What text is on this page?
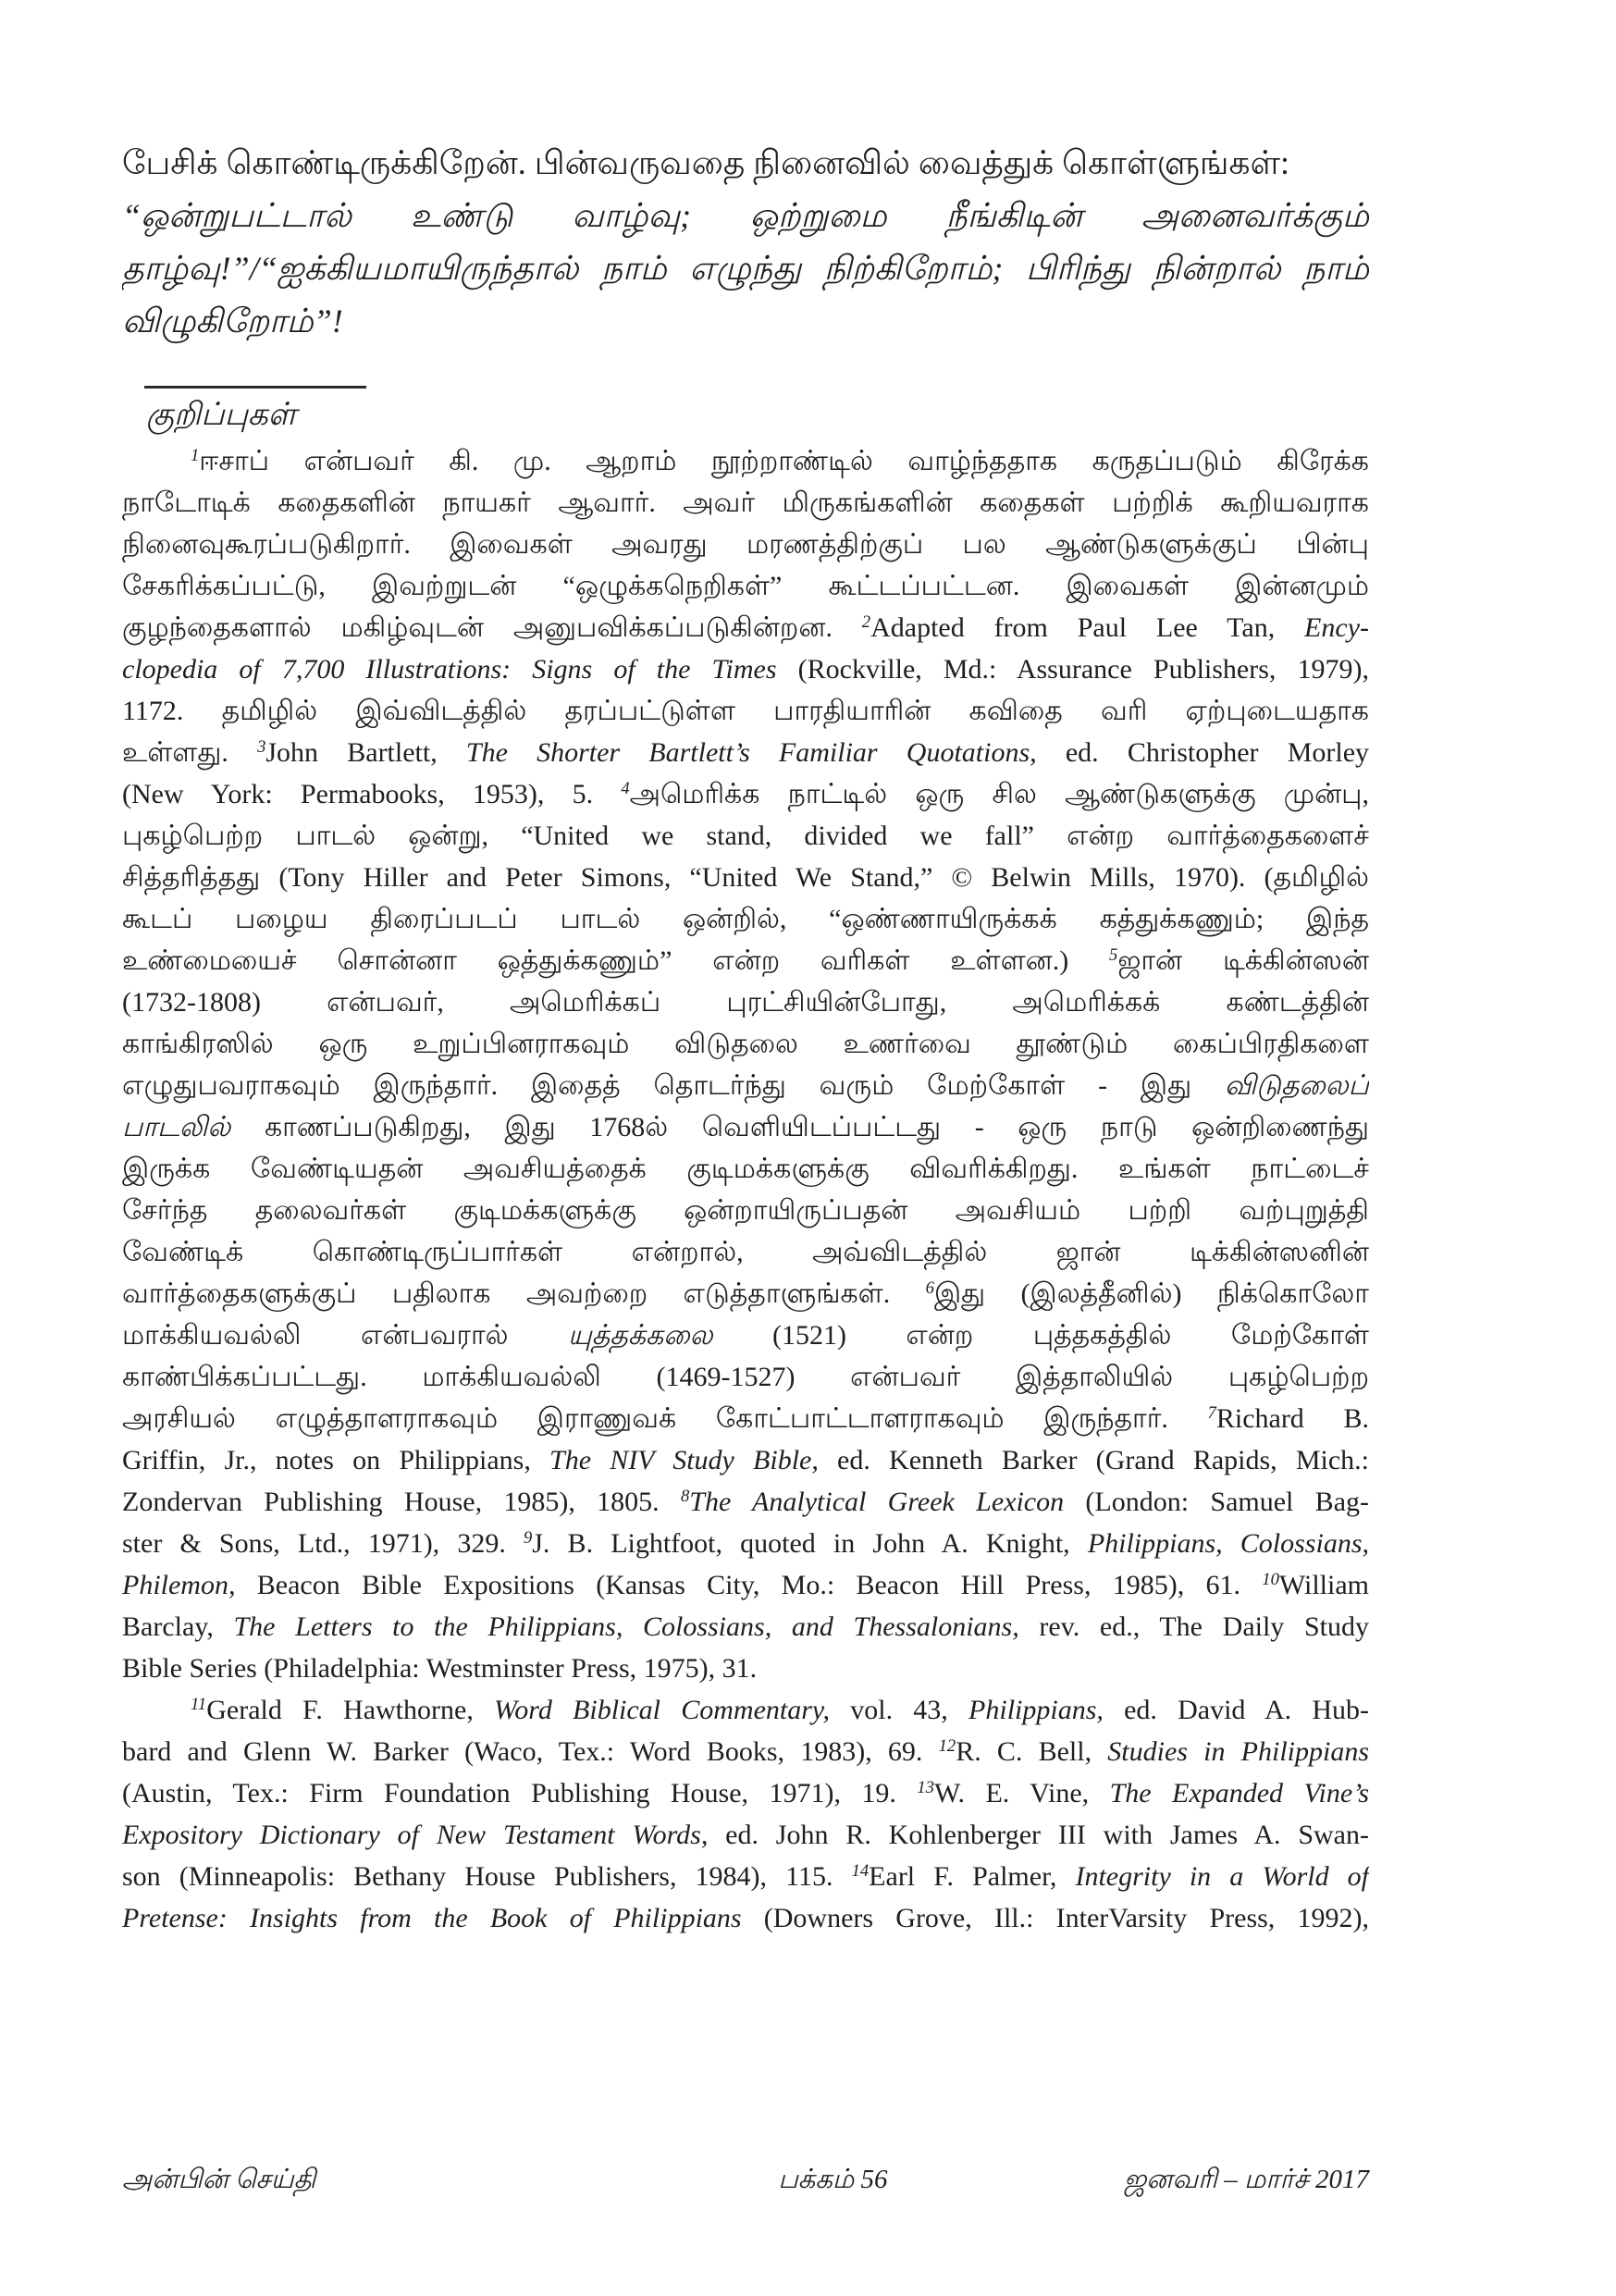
பேசிக் கொண்டிருக்கிறேன். பின்வருவதை நினைவில் வைத்துக் கொள்ளுங்கள்:
“ஒன்றுபட்டால் உண்டு வாழ்வு; ஒற்றுமை நீங்கிடின் அனைவர்க்கும்
தாழ்வு!”/“ஐக்கியமாயிருந்தால் நாம் எழுந்து நிற்கிறோம்; பிரிந்து நின்றால் நாம்
விழுகிறோம்”!
குறிப்புகள்
$^1$ஈசாப் என்பவர் கி. மு. ஆறாம் நூற்றாண்டில் வாழ்ந்ததாக கருதப்படும் கிரேக்க
நாடோடிக் கதைகளின் நாயகர் ஆவார். அவர் மிருகங்களின் கதைகள் பற்றிக் கூறியவராக
நினைவுகூரப்படுகிறார். இவைகள் அவரது மரணத்திற்குப் பல ஆண்டுகளுக்குப் பின்பு
சேகரிக்கப்பட்டு, இவற்றுடன் “ஒழுக்கநெறிகள்” கூட்டப்பட்டன. இவைகள் இன்னமும்
குழந்தைகளால் மகிழ்வுடன் அனுபவிக்கப்படுகின்றன. $^2$Adapted from Paul Lee Tan, Ency-
clopedia of 7,700 Illustrations: Signs of the Times (Rockville, Md.: Assurance Publishers, 1979),
1172. தமிழில் இவ்விடத்தில் தரப்பட்டுள்ள பாரதியாரின் கவிதை வரி ஏற்புடையதாக
உள்ளது. $^3$John Bartlett, The Shorter Bartlett’s Familiar Quotations, ed. Christopher Morley
(New York: Permabooks, 1953), 5. $^4$அமெரிக்க நாட்டில் ஒரு சில ஆண்டுகளுக்கு முன்பு,
புகழ்பெற்ற பாடல் ஒன்று, “United we stand, divided we fall” என்ற வார்த்தைகளைச்
சித்தரித்தது (Tony Hiller and Peter Simons, “United We Stand,” © Belwin Mills, 1970). (தமிழில்
கூடப் பழைய திரைப்படப் பாடல் ஒன்றில், “ஒண்ணாயிருக்கக் கத்துக்கணும்; இந்த
உண்மையைச் சொன்னா ஒத்துக்கணும்” என்ற வரிகள் உள்ளன.) $^5$ஜான் டிக்கின்ஸன்
(1732-1808) என்பவர், அமெரிக்கப் புரட்சியின்போது, அமெரிக்கக் கண்டத்தின்
காங்கிரஸில் ஒரு உறுப்பினராகவும் விடுதலை உணர்வை தூண்டும் கைப்பிரதிகளை
எழுதுபவராகவும் இருந்தார். இதைத் தொடர்ந்து வரும் மேற்கோள் - இது விடுதலைப்
பாடலில் காணப்படுகிறது, இது 1768ல் வெளியிடப்பட்டது - ஒரு நாடு ஒன்றிணைந்து
இருக்க வேண்டியதன் அவசியத்தைக் குடிமக்களுக்கு விவரிக்கிறது. உங்கள் நாட்டைச்
சேர்ந்த தலைவர்கள் குடிமக்களுக்கு ஒன்றாயிருப்பதன் அவசியம் பற்றி வற்புறுத்தி
வேண்டிக் கொண்டிருப்பார்கள் என்றால், அவ்விடத்தில் ஜான் டிக்கின்ஸனின்
வார்த்தைகளுக்குப் பதிலாக அவற்றை எடுத்தாளுங்கள். $^6$இது (இலத்தீனில்) நிக்கொலோ
மாக்கியவல்லி என்பவரால் யுத்தக்கலை (1521) என்ற புத்தகத்தில் மேற்கோள்
காண்பிக்கப்பட்டது. மாக்கியவல்லி (1469-1527) என்பவர் இத்தாலியில் புகழ்பெற்ற
அரசியல் எழுத்தாளராகவும் இராணுவக் கோட்பாட்டாளராகவும் இருந்தார். $^7$Richard B.
Griffin, Jr., notes on Philippians, The NIV Study Bible, ed. Kenneth Barker (Grand Rapids, Mich.:
Zondervan Publishing House, 1985), 1805. $^8$The Analytical Greek Lexicon (London: Samuel Bag-
ster & Sons, Ltd., 1971), 329. $^9$J. B. Lightfoot, quoted in John A. Knight, Philippians, Colossians,
Philemon, Beacon Bible Expositions (Kansas City, Mo.: Beacon Hill Press, 1985), 61. $^{10}$William
Barclay, The Letters to the Philippians, Colossians, and Thessalonians, rev. ed., The Daily Study
Bible Series (Philadelphia: Westminster Press, 1975), 31.
$^{11}$Gerald F. Hawthorne, Word Biblical Commentary, vol. 43, Philippians, ed. David A. Hub-
bard and Glenn W. Barker (Waco, Tex.: Word Books, 1983), 69. $^{12}$R. C. Bell, Studies in Philippians
(Austin, Tex.: Firm Foundation Publishing House, 1971), 19. $^{13}$W. E. Vine, The Expanded Vine’s
Expository Dictionary of New Testament Words, ed. John R. Kohlenberger III with James A. Swan-
son (Minneapolis: Bethany House Publishers, 1984), 115. $^{14}$Earl F. Palmer, Integrity in a World of
Pretense: Insights from the Book of Philippians (Downers Grove, Ill.: InterVarsity Press, 1992),
அன்பின் செய்தி	பக்கம் 56	ஜனவரி – மார்ச் 2017
